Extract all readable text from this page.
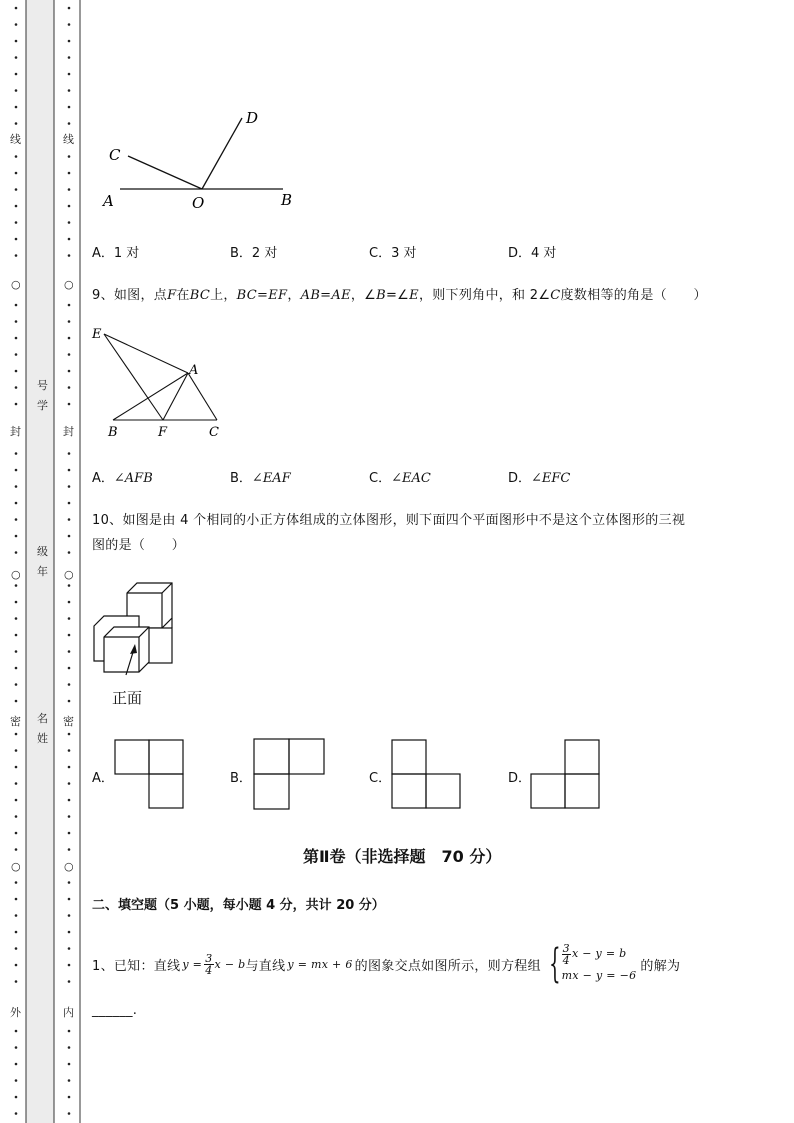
线
○
封
○
密
○
外
线
○
封
○
密
○
内
号
学
级
年
名
姓
C
D
A	O	B
A．1 对	B．2 对	C．3 对	D．4 对
9、如图，点F在BC上，BC=EF，AB=AE，∠B=∠E，则下列角中，和 2∠C度数相等的角是（　　）
E
A
B	F	C
A．∠AFB	B．∠EAF	C．∠EAC	D．∠EFC
10、如图是由 4 个相同的小正方体组成的立体图形，则下面四个平面图形中不是这个立体图形的三视
图的是（　　）
正面
A．	B．	C．	D．
第Ⅱ卷（非选择题　70 分）
二、填空题（5 小题，每小题 4 分，共计 20 分）
1、已知：直线 $y = \frac{3}{4}$ x − b 与直线 y = mx + 6 的图象交点如图所示，则方程组 { $\frac{3}{4}$ x − y = b
mx − y = −6
的解为
______.
